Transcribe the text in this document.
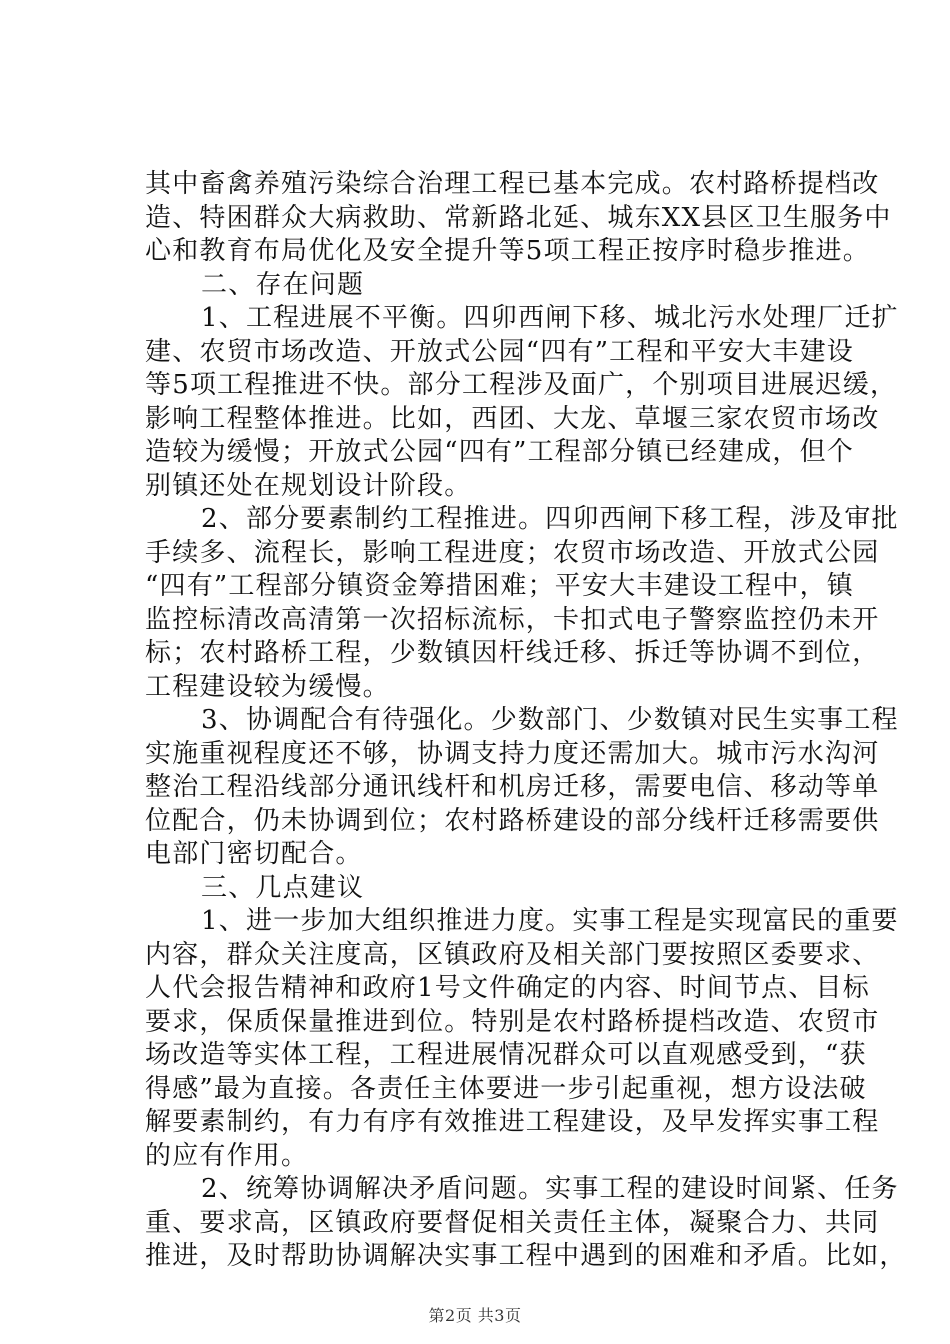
其中畜禽养殖污染综合治理工程已基本完成。农村路桥提档改
造、特困群众大病救助、常新路北延、城东XX县区卫生服务中
心和教育布局优化及安全提升等5项工程正按序时稳步推进。
二、存在问题
1、工程进展不平衡。四卯西闸下移、城北污水处理厂迁扩
建、农贸市场改造、开放式公园“四有”工程和平安大丰建设
等5项工程推进不快。部分工程涉及面广，个别项目进展迟缓，
影响工程整体推进。比如，西团、大龙、草堰三家农贸市场改
造较为缓慢；开放式公园“四有”工程部分镇已经建成，但个
别镇还处在规划设计阶段。
2、部分要素制约工程推进。四卯西闸下移工程，涉及审批
手续多、流程长，影响工程进度；农贸市场改造、开放式公园
“四有”工程部分镇资金筹措困难；平安大丰建设工程中，镇
监控标清改高清第一次招标流标，卡扣式电子警察监控仍未开
标；农村路桥工程，少数镇因杆线迁移、拆迁等协调不到位，
工程建设较为缓慢。
3、协调配合有待强化。少数部门、少数镇对民生实事工程
实施重视程度还不够，协调支持力度还需加大。城市污水沟河
整治工程沿线部分通讯线杆和机房迁移，需要电信、移动等单
位配合，仍未协调到位；农村路桥建设的部分线杆迁移需要供
电部门密切配合。
三、几点建议
1、进一步加大组织推进力度。实事工程是实现富民的重要
内容，群众关注度高，区镇政府及相关部门要按照区委要求、
人代会报告精神和政府1号文件确定的内容、时间节点、目标
要求，保质保量推进到位。特别是农村路桥提档改造、农贸市
场改造等实体工程，工程进展情况群众可以直观感受到，“获
得感”最为直接。各责任主体要进一步引起重视，想方设法破
解要素制约，有力有序有效推进工程建设，及早发挥实事工程
的应有作用。
2、统筹协调解决矛盾问题。实事工程的建设时间紧、任务
重、要求高，区镇政府要督促相关责任主体，凝聚合力、共同
推进，及时帮助协调解决实事工程中遇到的困难和矛盾。比如，
第2页 共3页
